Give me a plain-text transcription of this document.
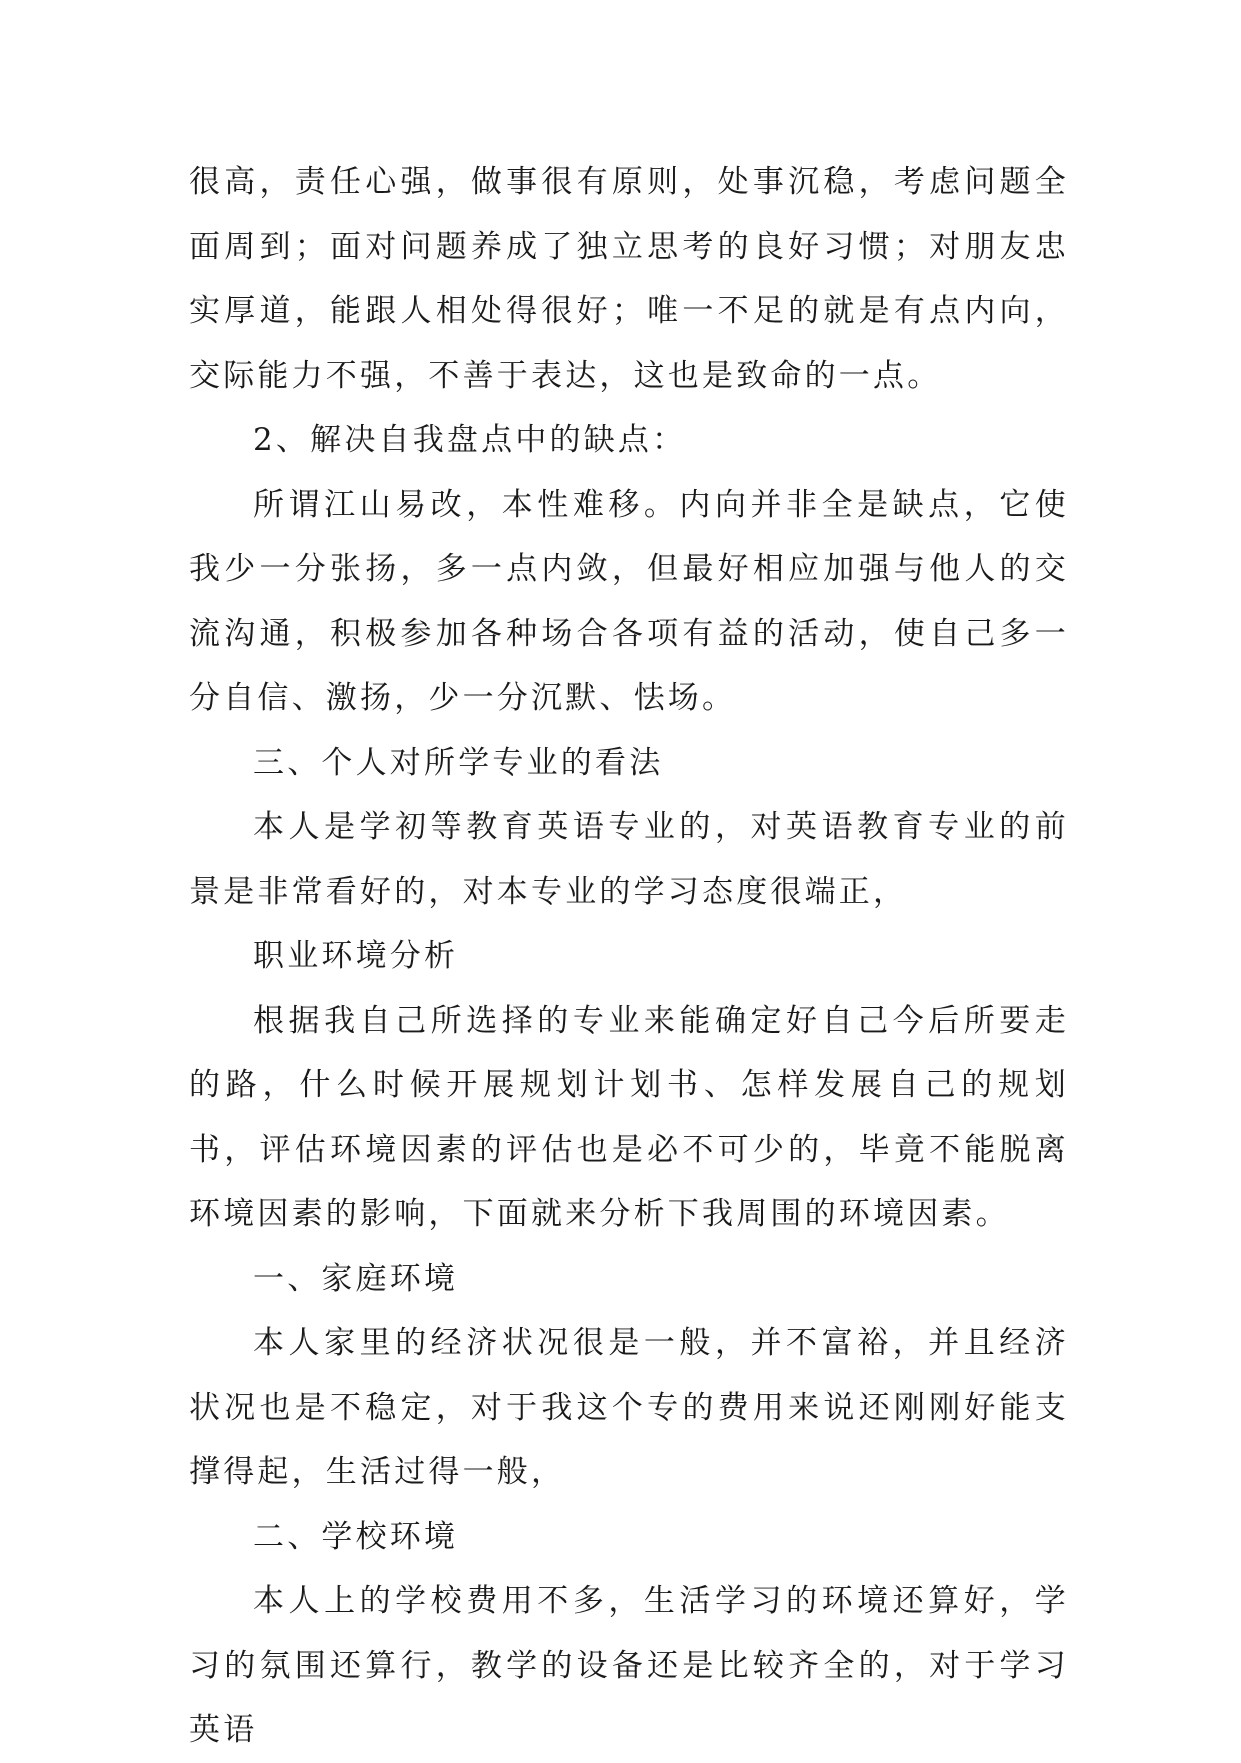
很高，责任心强，做事很有原则，处事沉稳，考虑问题全面周到；面对问题养成了独立思考的良好习惯；对朋友忠实厚道，能跟人相处得很好；唯一不足的就是有点内向，交际能力不强，不善于表达，这也是致命的一点。

2、解决自我盘点中的缺点：

所谓江山易改，本性难移。内向并非全是缺点，它使我少一分张扬，多一点内敛，但最好相应加强与他人的交流沟通，积极参加各种场合各项有益的活动，使自己多一分自信、激扬，少一分沉默、怯场。

三、个人对所学专业的看法

本人是学初等教育英语专业的，对英语教育专业的前景是非常看好的，对本专业的学习态度很端正，

职业环境分析

根据我自己所选择的专业来能确定好自己今后所要走的路，什么时候开展规划计划书、怎样发展自己的规划书，评估环境因素的评估也是必不可少的，毕竟不能脱离环境因素的影响，下面就来分析下我周围的环境因素。

一、家庭环境

本人家里的经济状况很是一般，并不富裕，并且经济状况也是不稳定，对于我这个专的费用来说还刚刚好能支撑得起，生活过得一般，

二、学校环境

本人上的学校费用不多，生活学习的环境还算好，学习的氛围还算行，教学的设备还是比较齐全的，对于学习英语
